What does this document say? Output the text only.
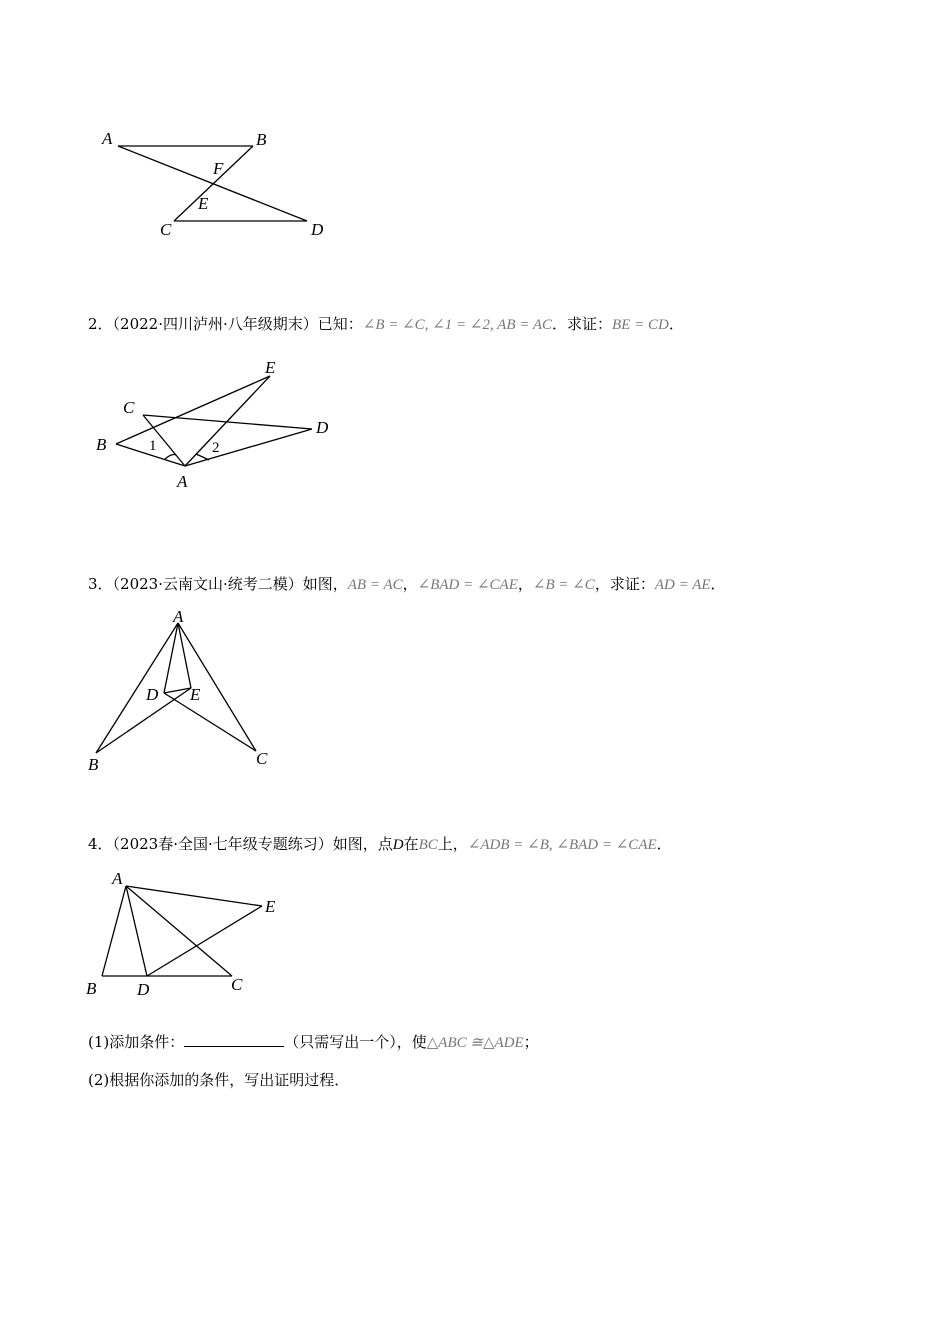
A	B
F
E
C	D
2．（2022·四川泸州·八年级期末）已知：∠B = ∠C, ∠1 = ∠2, AB = AC．求证：BE = CD．
E
C
D
B
A
1	2
3．（2023·云南文山·统考二模）如图，AB = AC，∠BAD = ∠CAE，∠B = ∠C，求证：AD = AE．
A
D E
B	C
4．（2023春·全国·七年级专题练习）如图，点D在BC上，∠ADB = ∠B, ∠BAD = ∠CAE．
A
E
B D	C
(1)添加条件：	（只需写出一个），使△ABC ≅△ADE；
(2)根据你添加的条件，写出证明过程．
